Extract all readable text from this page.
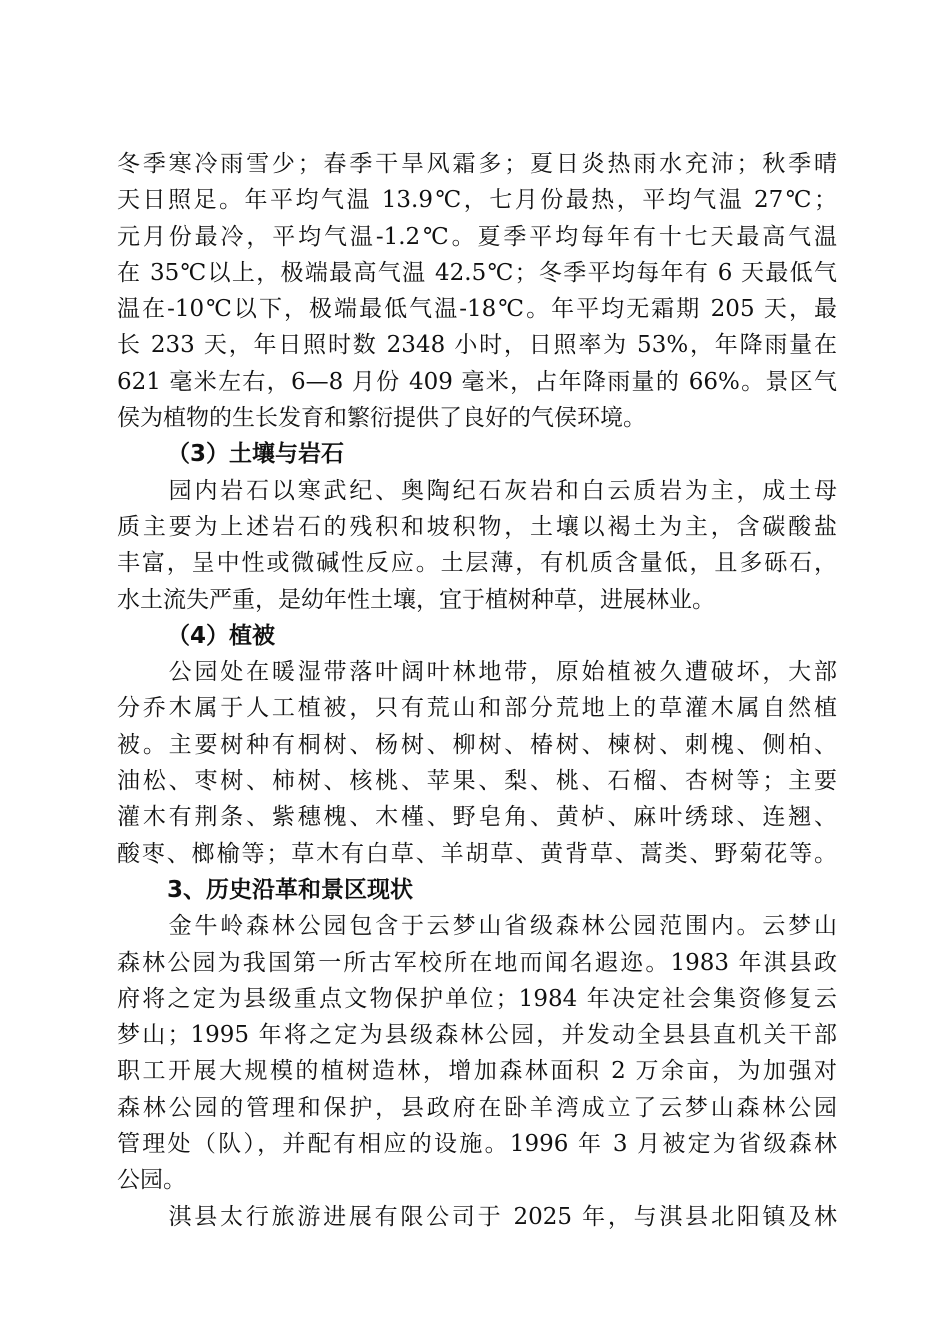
冬季寒冷雨雪少；春季干旱风霜多；夏日炎热雨水充沛；秋季晴
天日照足。年平均气温 13.9℃，七月份最热，平均气温 27℃；
元月份最冷，平均气温-1.2℃。夏季平均每年有十七天最高气温
在 35℃以上，极端最高气温 42.5℃；冬季平均每年有 6 天最低气
温在-10℃以下，极端最低气温-18℃。年平均无霜期 205 天，最
长 233 天，年日照时数 2348 小时，日照率为 53%，年降雨量在
621 毫米左右，6—8 月份 409 毫米，占年降雨量的 66%。景区气
侯为植物的生长发育和繁衍提供了良好的气侯环境。
（3）土壤与岩石
　　园内岩石以寒武纪、奥陶纪石灰岩和白云质岩为主，成土母
质主要为上述岩石的残积和坡积物，土壤以褐土为主，含碳酸盐
丰富，呈中性或微碱性反应。土层薄，有机质含量低，且多砾石，
水土流失严重，是幼年性土壤，宜于植树种草，进展林业。
（4）植被
　　公园处在暖湿带落叶阔叶林地带，原始植被久遭破坏，大部
分乔木属于人工植被，只有荒山和部分荒地上的草灌木属自然植
被。主要树种有桐树、杨树、柳树、椿树、楝树、刺槐、侧柏、
油松、枣树、柿树、核桃、苹果、梨、桃、石榴、杏树等；主要
灌木有荆条、紫穗槐、木槿、野皂角、黄栌、麻叶绣球、连翘、
酸枣、榔榆等；草木有白草、羊胡草、黄背草、蒿类、野菊花等。
3、历史沿革和景区现状
　　金牛岭森林公园包含于云梦山省级森林公园范围内。云梦山
森林公园为我国第一所古军校所在地而闻名遐迩。1983 年淇县政
府将之定为县级重点文物保护单位；1984 年决定社会集资修复云
梦山；1995 年将之定为县级森林公园，并发动全县县直机关干部
职工开展大规模的植树造林，增加森林面积 2 万余亩，为加强对
森林公园的管理和保护，县政府在卧羊湾成立了云梦山森林公园
管理处（队），并配有相应的设施。1996 年 3 月被定为省级森林
公园。
　　淇县太行旅游进展有限公司于 2025 年，与淇县北阳镇及林
